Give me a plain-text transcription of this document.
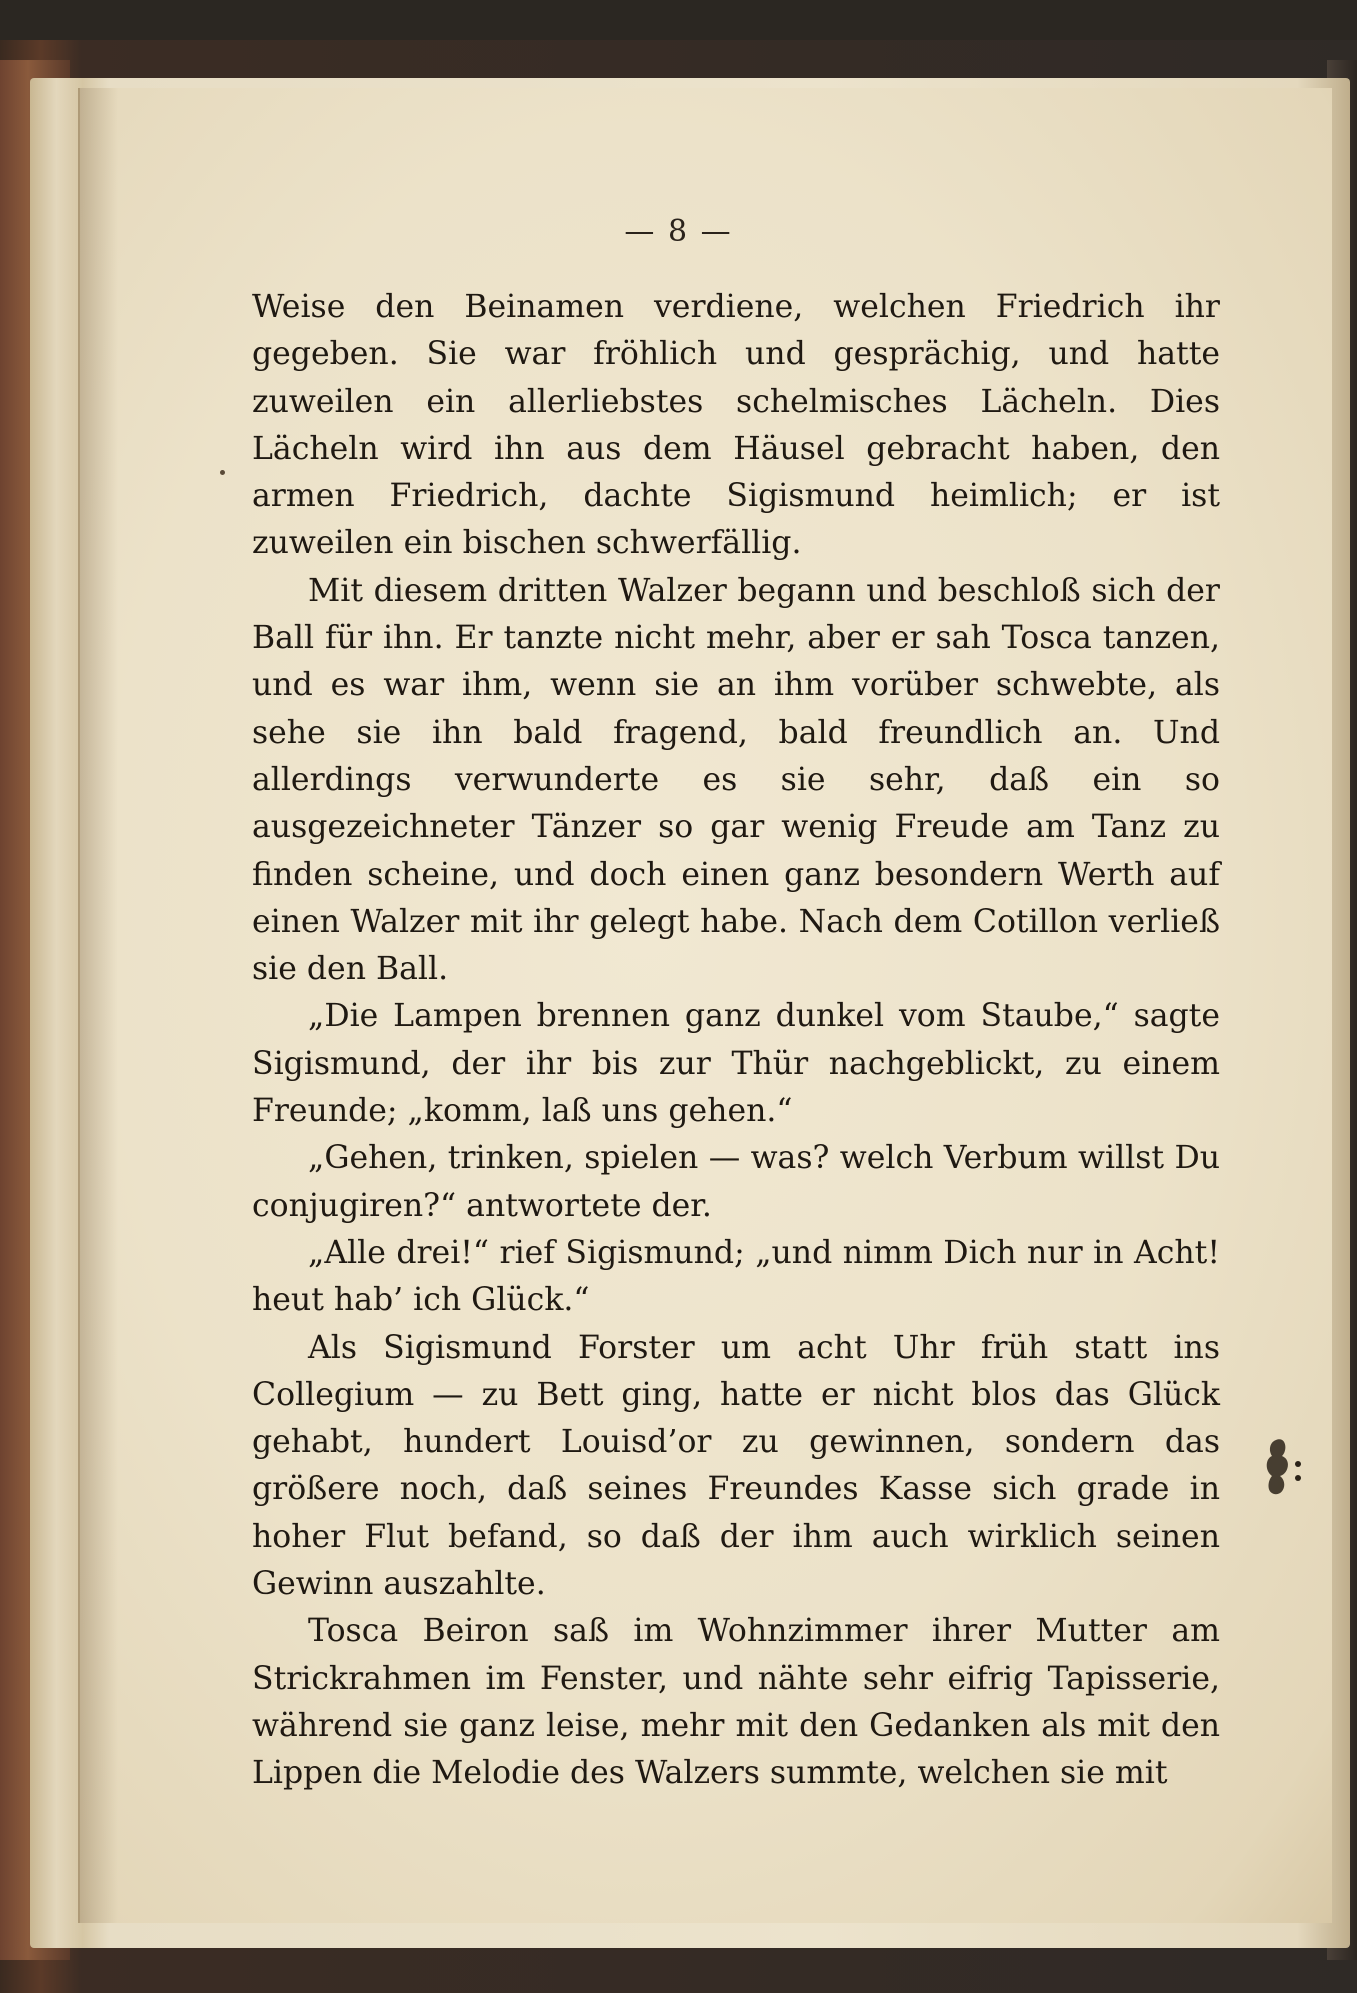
— 8 —

Weise den Beinamen verdiene, welchen Friedrich ihr gegeben. Sie war fröhlich und gesprächig, und hatte zuweilen ein allerliebstes schelmisches Lächeln. Dies Lächeln wird ihn aus dem Häusel gebracht haben, den armen Friedrich, dachte Sigismund heimlich; er ist zuweilen ein bischen schwerfällig.

Mit diesem dritten Walzer begann und beschloß sich der Ball für ihn. Er tanzte nicht mehr, aber er sah Tosca tanzen, und es war ihm, wenn sie an ihm vorüber schwebte, als sehe sie ihn bald fragend, bald freundlich an. Und allerdings verwunderte es sie sehr, daß ein so ausgezeichneter Tänzer so gar wenig Freude am Tanz zu finden scheine, und doch einen ganz besondern Werth auf einen Walzer mit ihr gelegt habe. Nach dem Cotillon verließ sie den Ball.

„Die Lampen brennen ganz dunkel vom Staube,“ sagte Sigismund, der ihr bis zur Thür nachgeblickt, zu einem Freunde; „komm, laß uns gehen.“

„Gehen, trinken, spielen — was? welch Verbum willst Du conjugiren?“ antwortete der.

„Alle drei!“ rief Sigismund; „und nimm Dich nur in Acht! heut hab’ ich Glück.“

Als Sigismund Forster um acht Uhr früh statt ins Collegium — zu Bett ging, hatte er nicht blos das Glück gehabt, hundert Louisd’or zu gewinnen, sondern das größere noch, daß seines Freundes Kasse sich grade in hoher Flut befand, so daß der ihm auch wirklich seinen Gewinn auszahlte.

Tosca Beiron saß im Wohnzimmer ihrer Mutter am Strickrahmen im Fenster, und nähte sehr eifrig Tapisserie, während sie ganz leise, mehr mit den Gedanken als mit den Lippen die Melodie des Walzers summte, welchen sie mit
